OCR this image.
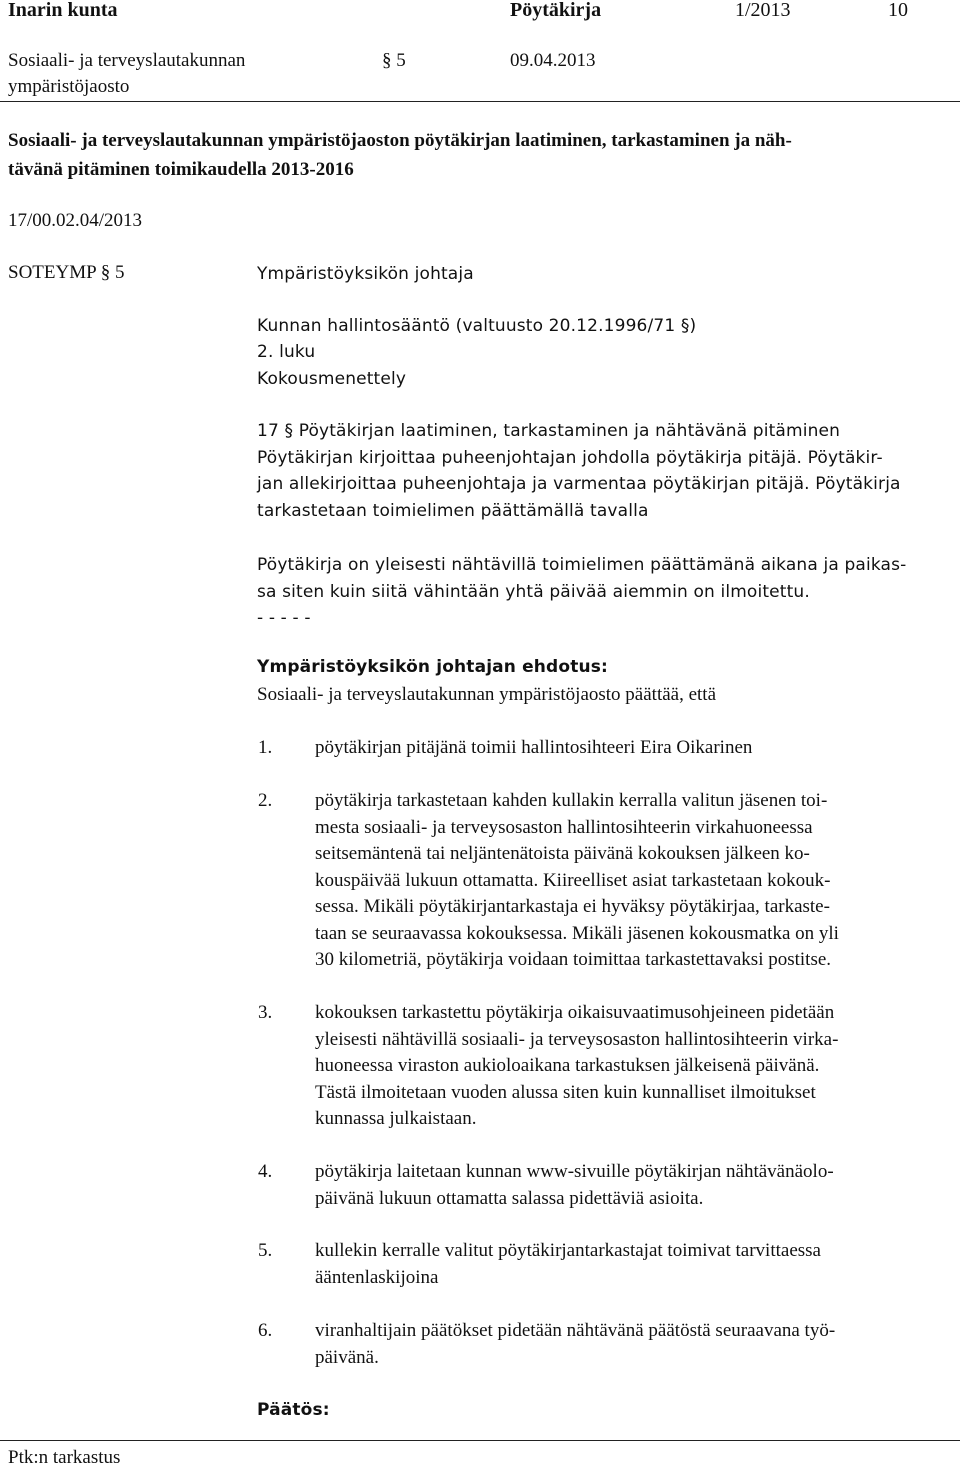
Inarin kunta	Pöytäkirja	1/2013	10
Sosiaali- ja terveyslautakunnan
ympäristöjaosto
§ 5	09.04.2013
Sosiaali- ja terveyslautakunnan ympäristöjaoston pöytäkirjan laatiminen, tarkastaminen ja näh-
tävänä pitäminen toimikaudella 2013-2016
17/00.02.04/2013
SOTEYMP § 5	Ympäristöyksikön johtaja
Kunnan hallintosääntö (valtuusto 20.12.1996/71 §)
2. luku
Kokousmenettely
17 § Pöytäkirjan laatiminen, tarkastaminen ja nähtävänä pitäminen
Pöytäkirjan kirjoittaa puheenjohtajan johdolla pöytäkirja pitäjä. Pöytäkir-
jan allekirjoittaa puheenjohtaja ja varmentaa pöytäkirjan pitäjä. Pöytäkirja
tarkastetaan toimielimen päättämällä tavalla
Pöytäkirja on yleisesti nähtävillä toimielimen päättämänä aikana ja paikas-
sa siten kuin siitä vähintään yhtä päivää aiemmin on ilmoitettu.
- - - - -
Ympäristöyksikön johtajan ehdotus:
Sosiaali- ja terveyslautakunnan ympäristöjaosto päättää, että
1. pöytäkirjan pitäjänä toimii hallintosihteeri Eira Oikarinen
2. pöytäkirja tarkastetaan kahden kullakin kerralla valitun jäsenen toi-
mesta sosiaali- ja terveysosaston hallintosihteerin virkahuoneessa
seitsemäntenä tai neljäntenätoista päivänä kokouksen jälkeen ko-
kouspäivää lukuun ottamatta. Kiireelliset asiat tarkastetaan kokouk-
sessa. Mikäli pöytäkirjantarkastaja ei hyväksy pöytäkirjaa, tarkaste-
taan se seuraavassa kokouksessa. Mikäli jäsenen kokousmatka on yli
30 kilometriä, pöytäkirja voidaan toimittaa tarkastettavaksi postitse.
3. kokouksen tarkastettu pöytäkirja oikaisuvaatimusohjeineen pidetään
yleisesti nähtävillä sosiaali- ja terveysosaston hallintosihteerin virka-
huoneessa viraston aukioloaikana tarkastuksen jälkeisenä päivänä.
Tästä ilmoitetaan vuoden alussa siten kuin kunnalliset ilmoitukset
kunnassa julkaistaan.
4. pöytäkirja laitetaan kunnan www-sivuille pöytäkirjan nähtävänäolo-
päivänä lukuun ottamatta salassa pidettäviä asioita.
5. kullekin kerralle valitut pöytäkirjantarkastajat toimivat tarvittaessa
ääntenlaskijoina
6. viranhaltijain päätökset pidetään nähtävänä päätöstä seuraavana työ-
päivänä.
Päätös:
Ptk:n tarkastus
